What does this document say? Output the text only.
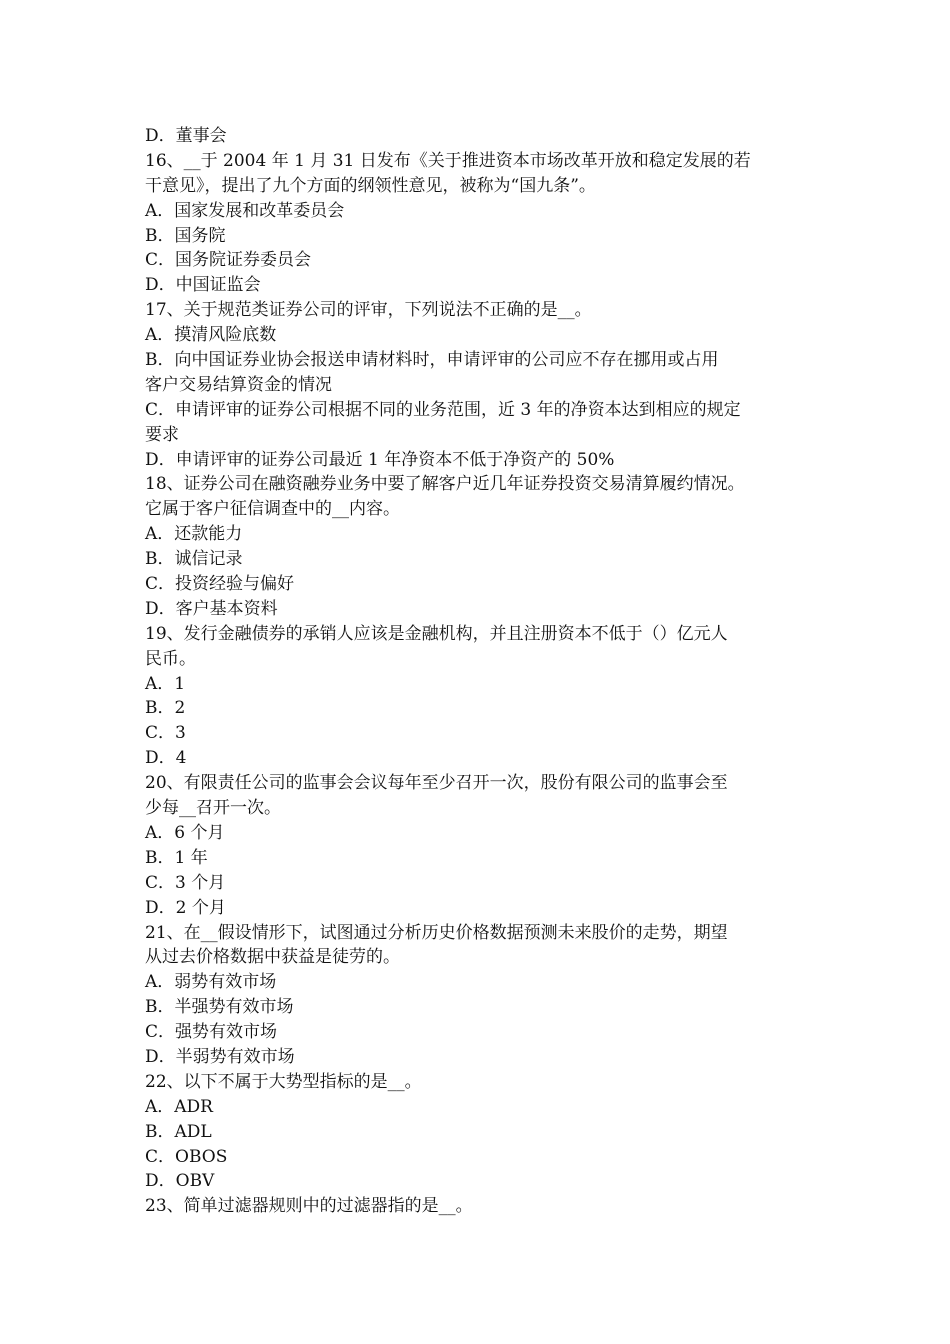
D．董事会
16、__于 2004 年 1 月 31 日发布《关于推进资本市场改革开放和稳定发展的若
干意见》，提出了九个方面的纲领性意见，被称为“国九条”。
A．国家发展和改革委员会
B．国务院
C．国务院证券委员会
D．中国证监会
17、关于规范类证券公司的评审，下列说法不正确的是__。
A．摸清风险底数
B．向中国证券业协会报送申请材料时，申请评审的公司应不存在挪用或占用
客户交易结算资金的情况
C．申请评审的证券公司根据不同的业务范围，近 3 年的净资本达到相应的规定
要求
D．申请评审的证券公司最近 1 年净资本不低于净资产的 50%
18、证券公司在融资融券业务中要了解客户近几年证券投资交易清算履约情况。
它属于客户征信调查中的__内容。
A．还款能力
B．诚信记录
C．投资经验与偏好
D．客户基本资料
19、发行金融债券的承销人应该是金融机构，并且注册资本不低于（）亿元人
民币。
A．1
B．2
C．3
D．4
20、有限责任公司的监事会会议每年至少召开一次，股份有限公司的监事会至
少每__召开一次。
A．6 个月
B．1 年
C．3 个月
D．2 个月
21、在__假设情形下，试图通过分析历史价格数据预测未来股价的走势，期望
从过去价格数据中获益是徒劳的。
A．弱势有效市场
B．半强势有效市场
C．强势有效市场
D．半弱势有效市场
22、以下不属于大势型指标的是__。
A．ADR
B．ADL
C．OBOS
D．OBV
23、简单过滤器规则中的过滤器指的是__。
